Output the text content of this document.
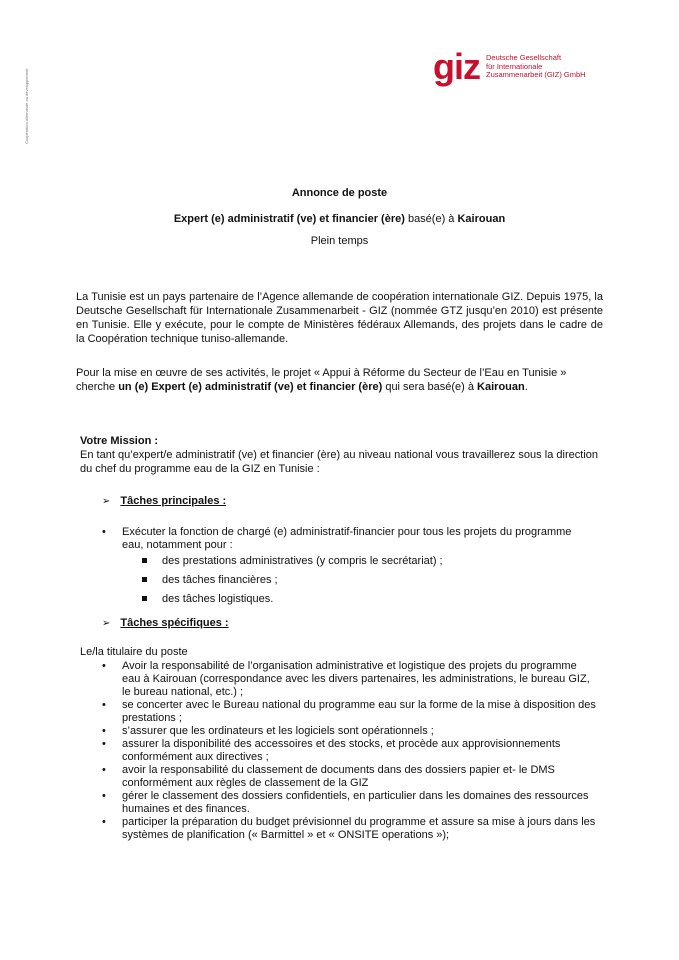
Coopération allemande au développement
giz Deutsche Gesellschaft
für Internationale
Zusammenarbeit (GIZ) GmbH
Annonce de poste
Expert (e) administratif (ve) et financier (ère) basé(e) à Kairouan
Plein temps
La Tunisie est un pays partenaire de l’Agence allemande de coopération internationale GIZ. Depuis 1975, la Deutsche Gesellschaft für Internationale Zusammenarbeit - GIZ (nommée GTZ jusqu’en 2010) est présente en Tunisie. Elle y exécute, pour le compte de Ministères fédéraux Allemands, des projets dans le cadre de la Coopération technique tuniso-allemande.
Pour la mise en œuvre de ses activités, le projet « Appui à Réforme du Secteur de l’Eau en Tunisie » cherche un (e) Expert (e) administratif (ve) et financier (ère) qui sera basé(e) à Kairouan.
Votre Mission :
En tant qu’expert/e administratif (ve) et financier (ère) au niveau national vous travaillerez sous la direction du chef du programme eau de la GIZ en Tunisie :
➢ Tâches principales :
• Exécuter la fonction de chargé (e) administratif-financier pour tous les projets du programme eau, notamment pour :
des prestations administratives (y compris le secrétariat) ;
des tâches financières ;
des tâches logistiques.
➢ Tâches spécifiques :
Le/la titulaire du poste
• Avoir la responsabilité de l’organisation administrative et logistique des projets du programme eau à Kairouan (correspondance avec les divers partenaires, les administrations, le bureau GIZ, le bureau national, etc.) ;
• se concerter avec le Bureau national du programme eau sur la forme de la mise à disposition des prestations ;
• s’assurer que les ordinateurs et les logiciels sont opérationnels ;
• assurer la disponibilité des accessoires et des stocks, et procède aux approvisionnements conformément aux directives ;
• avoir la responsabilité du classement de documents dans des dossiers papier et- le DMS conformément aux règles de classement de la GIZ
• gérer le classement des dossiers confidentiels, en particulier dans les domaines des ressources humaines et des finances.
• participer la préparation du budget prévisionnel du programme et assure sa mise à jours dans les systèmes de planification (« Barmittel » et « ONSITE operations »);
